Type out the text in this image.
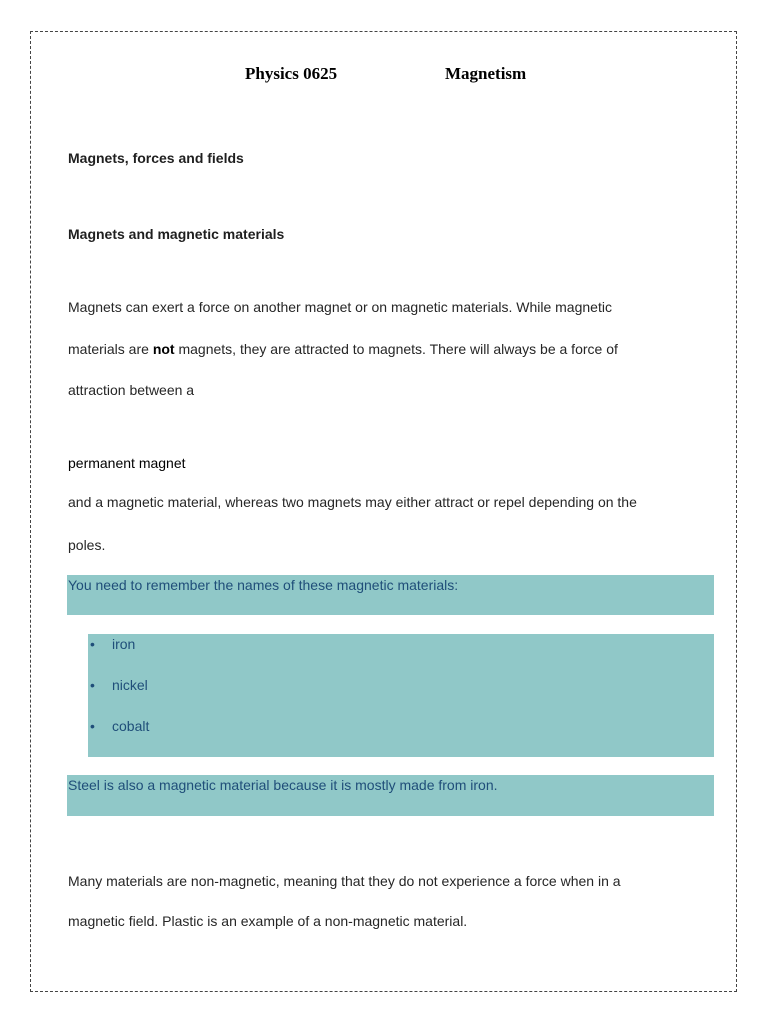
Physics 0625	Magnetism
Magnets, forces and fields
Magnets and magnetic materials
Magnets can exert a force on another magnet or on magnetic materials. While magnetic
materials are not magnets, they are attracted to magnets. There will always be a force of
attraction between a
permanent magnet
and a magnetic material, whereas two magnets may either attract or repel depending on the
poles.
You need to remember the names of these magnetic materials:
• iron
• nickel
• cobalt
Steel is also a magnetic material because it is mostly made from iron.
Many materials are non-magnetic, meaning that they do not experience a force when in a
magnetic field. Plastic is an example of a non-magnetic material.
